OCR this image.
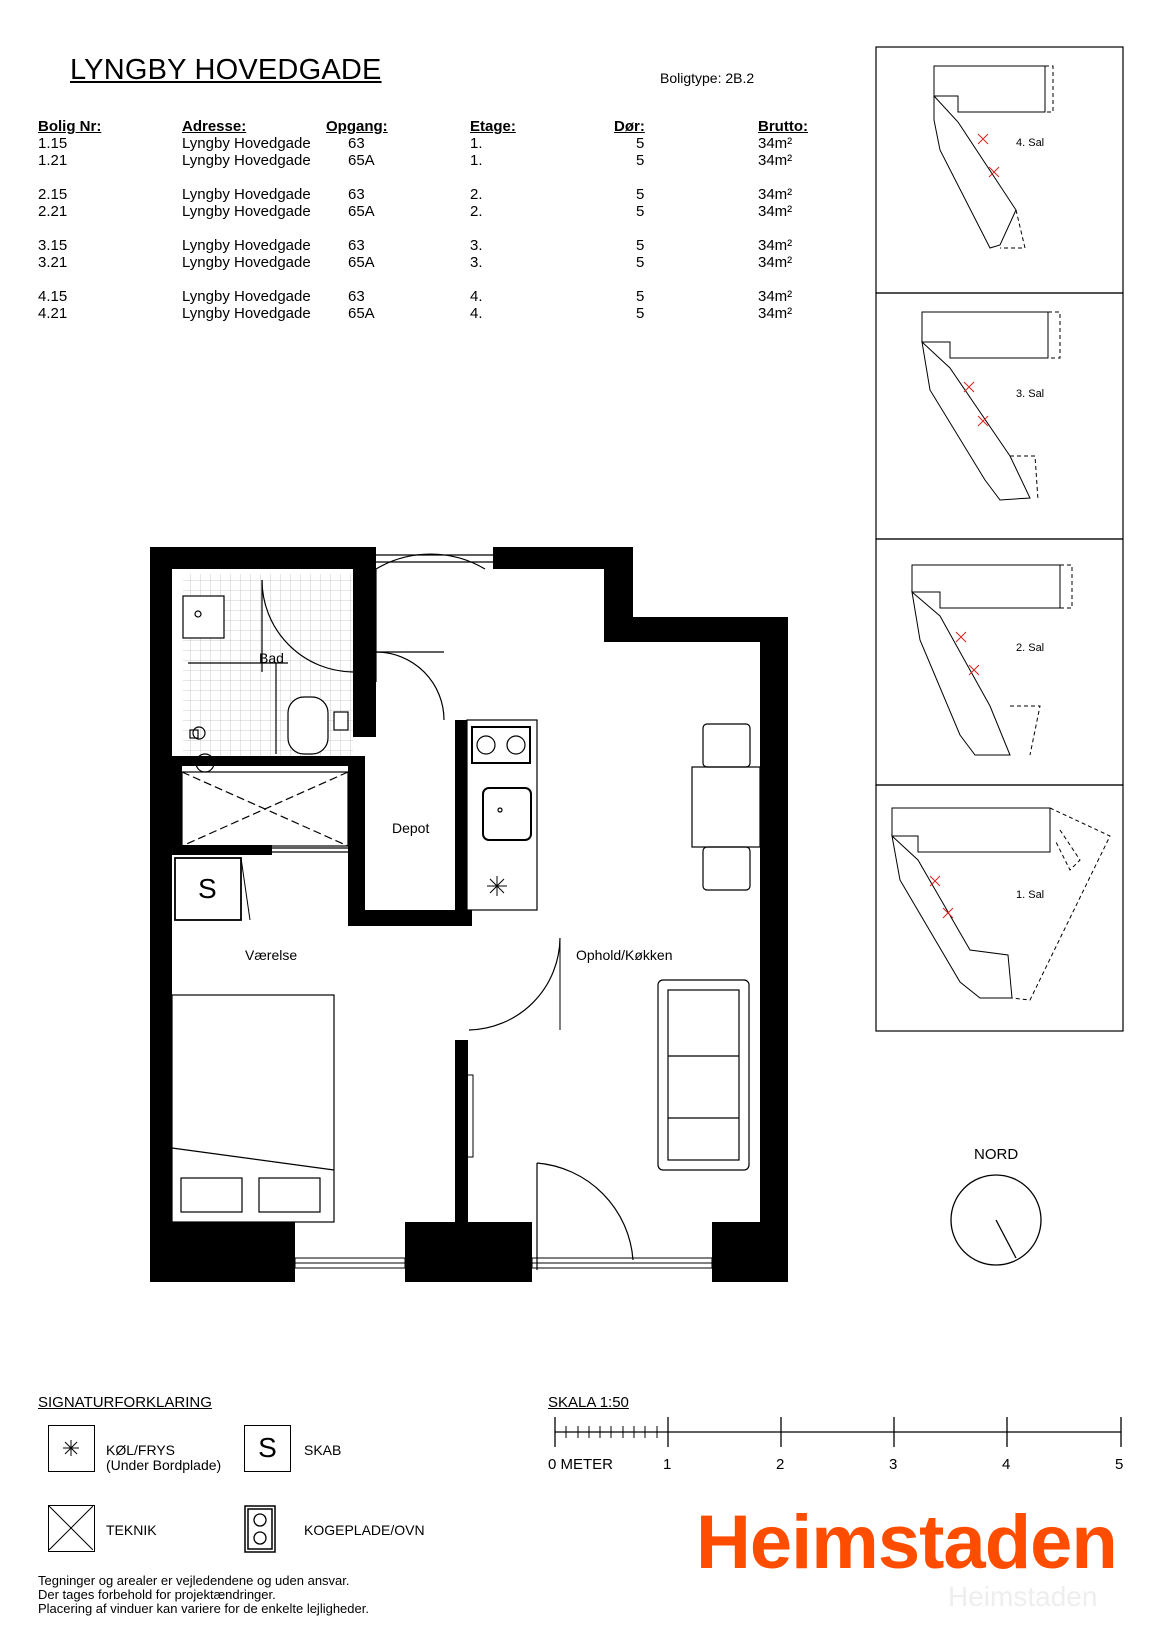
LYNGBY HOVEDGADE	Boligtype: 2B.2
Bolig Nr:	Adresse:	Opgang:	Etage:	Dør:	Brutto:
1.15	Lyngby Hovedgade	63	1.	5	34m²
1.21	Lyngby Hovedgade	65A	1.	5	34m²

2.15	Lyngby Hovedgade	63	2.	5	34m²
2.21	Lyngby Hovedgade	65A	2.	5	34m²

3.15	Lyngby Hovedgade	63	3.	5	34m²
3.21	Lyngby Hovedgade	65A	3.	5	34m²

4.15	Lyngby Hovedgade	63	4.	5	34m²
4.21	Lyngby Hovedgade	65A	4.	5	34m²
Bad
Depot
Værelse	Ophold/Køkken
S
4. Sal
3. Sal
2. Sal
1. Sal
NORD
SIGNATURFORKLARING
KØL/FRYS
(Under Bordplade)
S	SKAB
TEKNIK	KOGEPLADE/OVN
Tegninger og arealer er vejledendene og uden ansvar.
Der tages forbehold for projektændringer.
Placering af vinduer kan variere for de enkelte lejligheder.
SKALA 1:50
0 METER	1	2	3	4	5
Heimstaden
Heimstaden
